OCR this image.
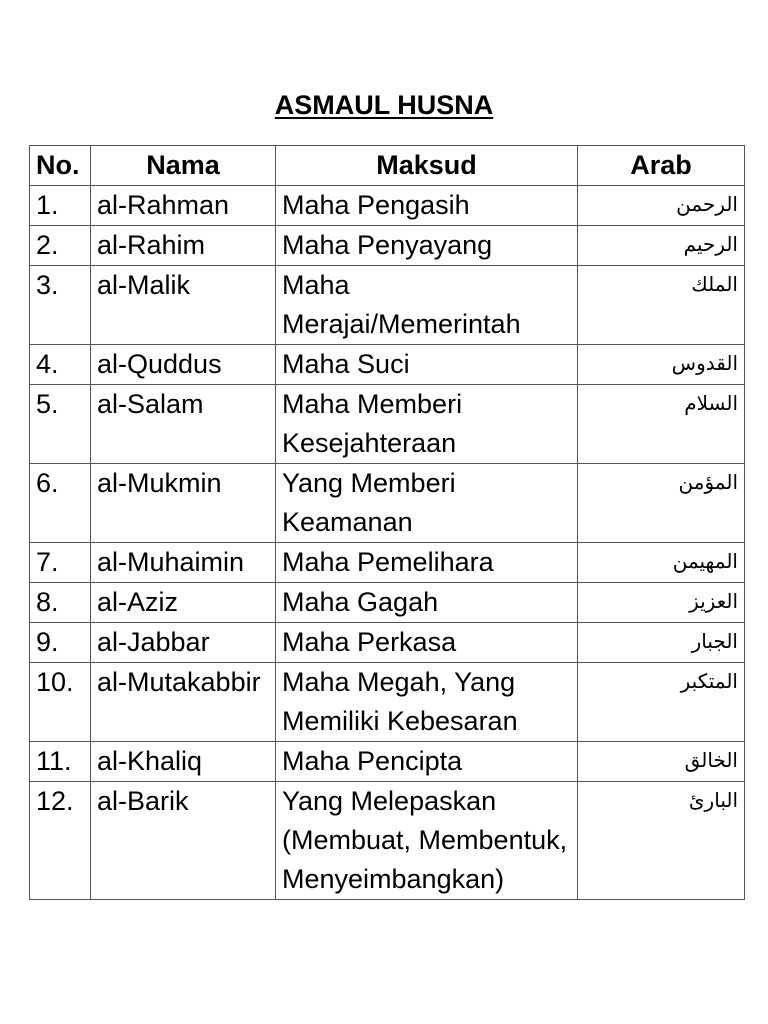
ASMAUL HUSNA
No.	Nama	Maksud	Arab
1.	al-Rahman	Maha Pengasih	الرحمن
2.	al-Rahim	Maha Penyayang	الرحيم
3.	al-Malik	Maha Merajai/Memerintah	الملك
4.	al-Quddus	Maha Suci	القدوس
5.	al-Salam	Maha Memberi Kesejahteraan	السلام
6.	al-Mukmin	Yang Memberi Keamanan	المؤمن
7.	al-Muhaimin	Maha Pemelihara	المهيمن
8.	al-Aziz	Maha Gagah	العزيز
9.	al-Jabbar	Maha Perkasa	الجبار
10.	al-Mutakabbir	Maha Megah, Yang Memiliki Kebesaran	المتكبر
11.	al-Khaliq	Maha Pencipta	الخالق
12.	al-Barik	Yang Melepaskan (Membuat, Membentuk, Menyeimbangkan)	البارئ
